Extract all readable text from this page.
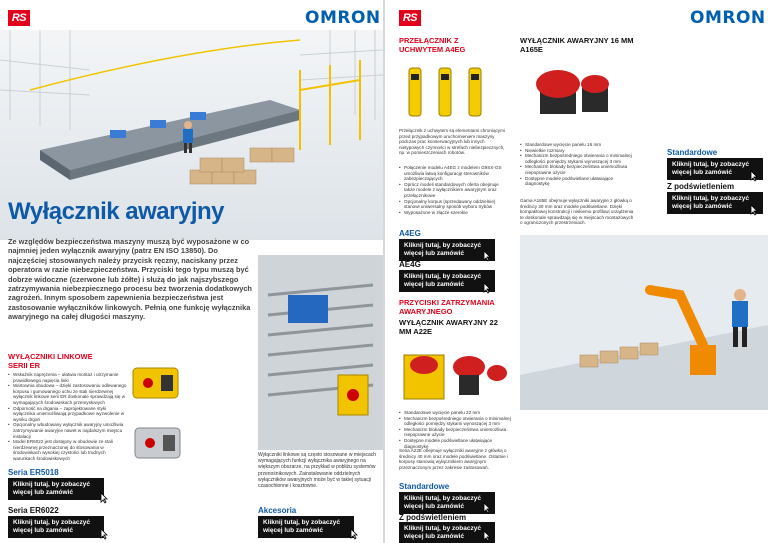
RS	OMRON
Wyłącznik awaryjny
Ze względów bezpieczeństwa maszyny muszą być wyposażone w co najmniej jeden wyłącznik awaryjny (patrz EN ISO 13850). Do najczęściej stosowanych należy przycisk ręczny, naciskany przez operatora w razie niebezpieczeństwa. Przyciski tego typu muszą być dobrze widoczne (czerwone lub żółte) i służą do jak najszybszego zatrzymywania niebezpiecznego procesu bez tworzenia dodatkowych zagrożeń. Innym sposobem zapewnienia bezpieczeństwa jest zastosowanie wyłączników linkowych. Pełnią one funkcję wyłącznika awaryjnego na całej długości maszyny.
WYŁĄCZNIKI LINKOWE SERII ER
• Wskaźnik naprężenia – ułatwia montaż i utrzymanie prawidłowego napięcia linki
• Wartownia obudowa – dzięki zastosowaniu odlewanego korpusu i gumowanego uchu ze stali nierdzewnej wyłącznik linkowe serii ER doskonale sprawdzają się w wymagających środowiskach przemysłowych
• Odporność na drgania – zaprojektowane styki wyłącznika uniemożliwiają przypadkowe wyzwolenie w wyniku drgań
• Opcjonalny wbudowany wyłącznik awaryjny umożliwia zatrzymywanie awaryjne nawet w najdalszym miejscu instalacji
• Model ER6022 jest dostępny w obudowie ze stali nierdzewnej przeznaczonej do stosowania w środowiskach wysokiej czystości lub trudnych warunkach środowiskowych
Wyłączniki linkowe są często stosowane w miejscach wymagających funkcji wyłącznika awaryjnego na większym obszarze, na przykład w pobliżu systemów przenośnikowych. Zainstalowanie oddzielnych wyłączników awaryjnych może być w takiej sytuacji czasochłonne i kosztowne.
Seria ER5018
Kliknij tutaj, by zobaczyć więcej lub zamówić
Seria ER6022
Kliknij tutaj, by zobaczyć więcej lub zamówić
Akcesoria
Kliknij tutaj, by zobaczyć więcej lub zamówić
RS	OMRON
PRZEŁĄCZNIK Z UCHWYTEM A4EG
WYŁĄCZNIK AWARYJNY 16 MM A165E
Przełącznik z uchwytem są elementami chroniącymi przed przypadkowym uruchomieniem maszyny podczas prac konserwacyjnych lub innych nietypowych czynności w strefach niebezpiecznych, np. w pomieszczeniach robotów.
• Połączenie modelu A4EG z modelem G9SX-GS umożliwia łatwą konfigurację sterowników zabezpieczających
• Oprócz modeli standardowych oferta obejmuje także modele z wyłącznikiem awaryjnym oraz przełącznikowe
• Opcjonalny korpus (sprzedawany oddzielnie) stanowi uniwersalny sposób wyboru trybów
• Wyposażone w złącze szerokie
• Standardowe wycięcie panelu 16 mm
• Niewielkie rozmiary
• Mechanizm bezpośredniego otwierania o minimalnej odległości pomiędzy stykami wynoszącej 3 mm
• Mechanizm blokady bezpieczeństwa uniemożliwia niepoprawne użycie
• Dostępne modele podświetlane ułatwiające diagnostykę
Gama A165E obejmuje wyłączniki awaryjne z główką o średnicy 30 mm oraz modele podświetlane. Dzięki kompaktowej konstrukcji i niskiemu profilowi urządzenia te doskonale sprawdzają się w miejscach montażowych o ograniczonych przestrzeniach.
Standardowe
Kliknij tutaj, by zobaczyć więcej lub zamówić
Z podświetleniem
Kliknij tutaj, by zobaczyć więcej lub zamówić
A4EG
Kliknij tutaj, by zobaczyć więcej lub zamówić
AE4G
Kliknij tutaj, by zobaczyć więcej lub zamówić
PRZYCISKI ZATRZYMANIA AWARYJNEGO
WYŁĄCZNIK AWARYJNY 22 MM A22E
• Standardowe wycięcie panelu 22 mm
• Mechanizm bezpośredniego otwierania o minimalnej odległości pomiędzy stykami wynoszącej 3 mm
• Mechanizm blokady bezpieczeństwa uniemożliwia niepoprawne użycie
• Dostępne modele podświetlane ułatwiające diagnostykę
Seria A22E obejmuje wyłączniki awaryjne z główką o średnicy 40 mm oraz modele podświetlane. Ostatnie i korpusy stanowią wyłącznikiem awaryjnym przeznaczonym przez zakresie zastosowań.
Standardowe
Kliknij tutaj, by zobaczyć więcej lub zamówić
Z podświetleniem
Kliknij tutaj, by zobaczyć więcej lub zamówić
